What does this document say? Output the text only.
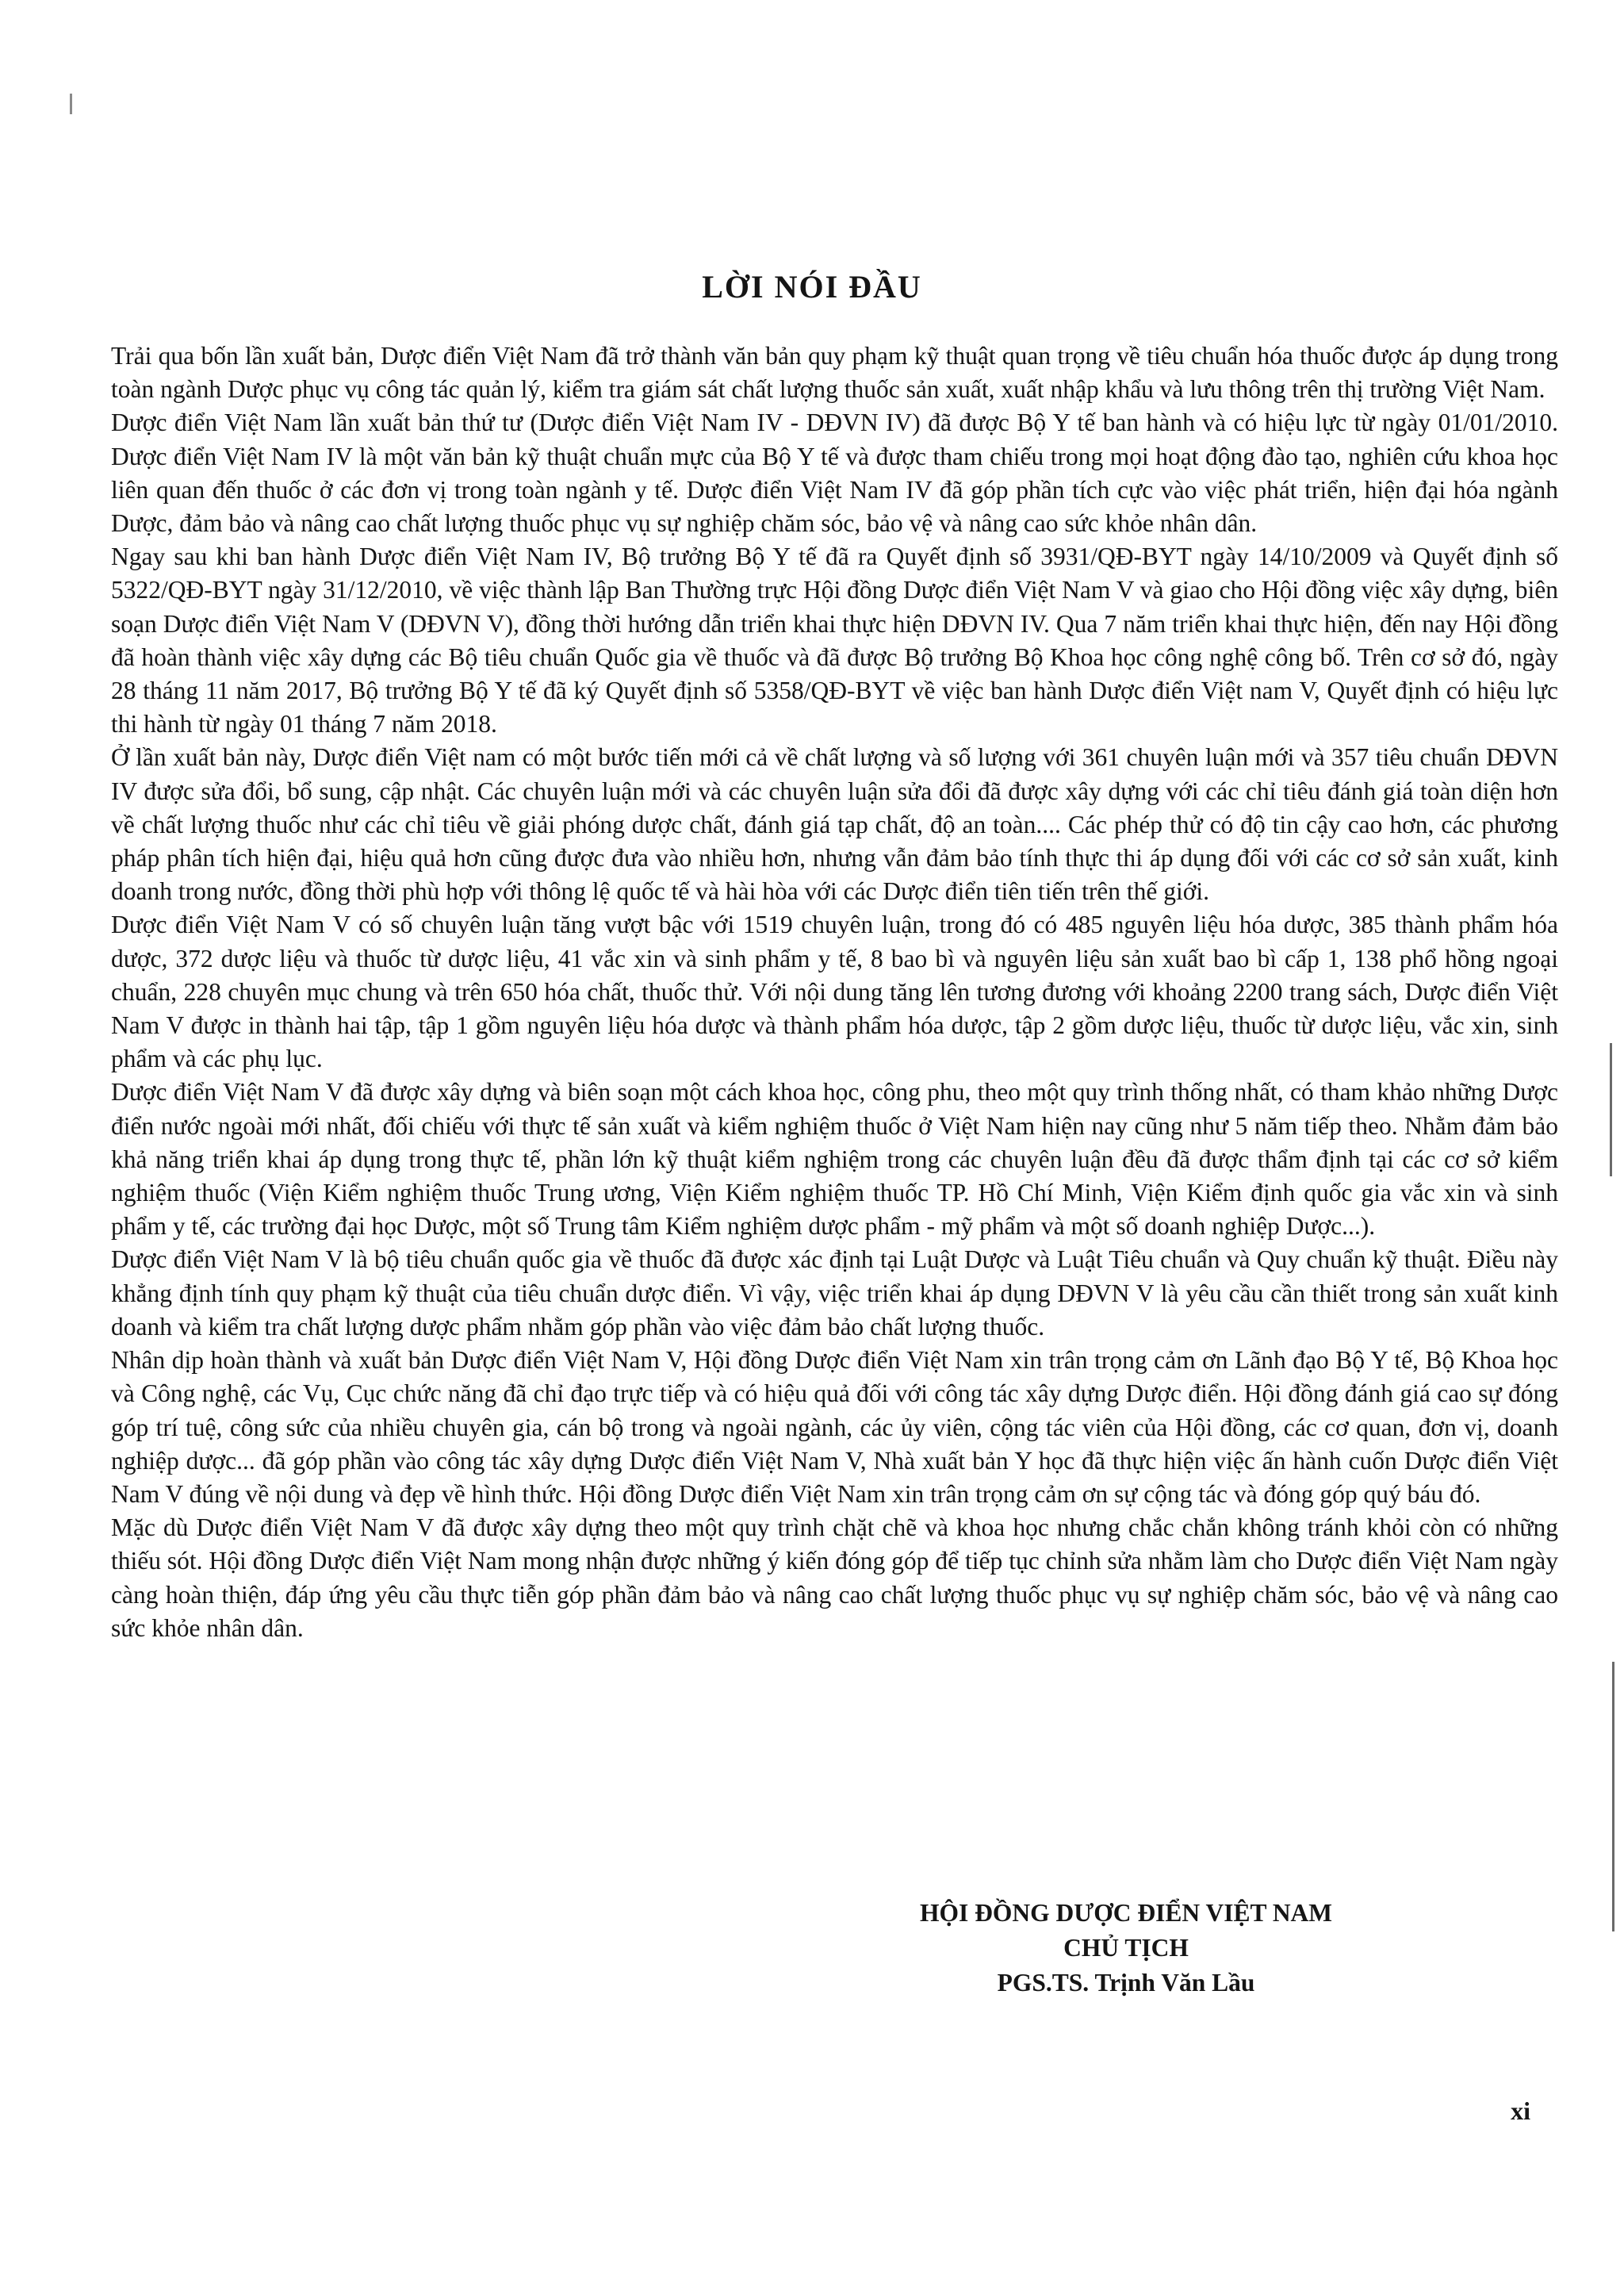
LỜI NÓI ĐẦU

Trải qua bốn lần xuất bản, Dược điển Việt Nam đã trở thành văn bản quy phạm kỹ thuật quan trọng về tiêu chuẩn hóa thuốc được áp dụng trong toàn ngành Dược phục vụ công tác quản lý, kiểm tra giám sát chất lượng thuốc sản xuất, xuất nhập khẩu và lưu thông trên thị trường Việt Nam.

Dược điển Việt Nam lần xuất bản thứ tư (Dược điển Việt Nam IV - DĐVN IV) đã được Bộ Y tế ban hành và có hiệu lực từ ngày 01/01/2010. Dược điển Việt Nam IV là một văn bản kỹ thuật chuẩn mực của Bộ Y tế và được tham chiếu trong mọi hoạt động đào tạo, nghiên cứu khoa học liên quan đến thuốc ở các đơn vị trong toàn ngành y tế. Dược điển Việt Nam IV đã góp phần tích cực vào việc phát triển, hiện đại hóa ngành Dược, đảm bảo và nâng cao chất lượng thuốc phục vụ sự nghiệp chăm sóc, bảo vệ và nâng cao sức khỏe nhân dân.

Ngay sau khi ban hành Dược điển Việt Nam IV, Bộ trưởng Bộ Y tế đã ra Quyết định số 3931/QĐ-BYT ngày 14/10/2009 và Quyết định số 5322/QĐ-BYT ngày 31/12/2010, về việc thành lập Ban Thường trực Hội đồng Dược điển Việt Nam V và giao cho Hội đồng việc xây dựng, biên soạn Dược điển Việt Nam V (DĐVN V), đồng thời hướng dẫn triển khai thực hiện DĐVN IV. Qua 7 năm triển khai thực hiện, đến nay Hội đồng đã hoàn thành việc xây dựng các Bộ tiêu chuẩn Quốc gia về thuốc và đã được Bộ trưởng Bộ Khoa học công nghệ công bố. Trên cơ sở đó, ngày 28 tháng 11 năm 2017, Bộ trưởng Bộ Y tế đã ký Quyết định số 5358/QĐ-BYT về việc ban hành Dược điển Việt nam V, Quyết định có hiệu lực thi hành từ ngày 01 tháng 7 năm 2018.

Ở lần xuất bản này, Dược điển Việt nam có một bước tiến mới cả về chất lượng và số lượng với 361 chuyên luận mới và 357 tiêu chuẩn DĐVN IV được sửa đổi, bổ sung, cập nhật. Các chuyên luận mới và các chuyên luận sửa đổi đã được xây dựng với các chỉ tiêu đánh giá toàn diện hơn về chất lượng thuốc như các chỉ tiêu về giải phóng dược chất, đánh giá tạp chất, độ an toàn.... Các phép thử có độ tin cậy cao hơn, các phương pháp phân tích hiện đại, hiệu quả hơn cũng được đưa vào nhiều hơn, nhưng vẫn đảm bảo tính thực thi áp dụng đối với các cơ sở sản xuất, kinh doanh trong nước, đồng thời phù hợp với thông lệ quốc tế và hài hòa với các Dược điển tiên tiến trên thế giới.

Dược điển Việt Nam V có số chuyên luận tăng vượt bậc với 1519 chuyên luận, trong đó có 485 nguyên liệu hóa dược, 385 thành phẩm hóa dược, 372 dược liệu và thuốc từ dược liệu, 41 vắc xin và sinh phẩm y tế, 8 bao bì và nguyên liệu sản xuất bao bì cấp 1, 138 phổ hồng ngoại chuẩn, 228 chuyên mục chung và trên 650 hóa chất, thuốc thử. Với nội dung tăng lên tương đương với khoảng 2200 trang sách, Dược điển Việt Nam V được in thành hai tập, tập 1 gồm nguyên liệu hóa dược và thành phẩm hóa dược, tập 2 gồm dược liệu, thuốc từ dược liệu, vắc xin, sinh phẩm và các phụ lục.

Dược điển Việt Nam V đã được xây dựng và biên soạn một cách khoa học, công phu, theo một quy trình thống nhất, có tham khảo những Dược điển nước ngoài mới nhất, đối chiếu với thực tế sản xuất và kiểm nghiệm thuốc ở Việt Nam hiện nay cũng như 5 năm tiếp theo. Nhằm đảm bảo khả năng triển khai áp dụng trong thực tế, phần lớn kỹ thuật kiểm nghiệm trong các chuyên luận đều đã được thẩm định tại các cơ sở kiểm nghiệm thuốc (Viện Kiểm nghiệm thuốc Trung ương, Viện Kiểm nghiệm thuốc TP. Hồ Chí Minh, Viện Kiểm định quốc gia vắc xin và sinh phẩm y tế, các trường đại học Dược, một số Trung tâm Kiểm nghiệm dược phẩm - mỹ phẩm và một số doanh nghiệp Dược...).

Dược điển Việt Nam V là bộ tiêu chuẩn quốc gia về thuốc đã được xác định tại Luật Dược và Luật Tiêu chuẩn và Quy chuẩn kỹ thuật. Điều này khẳng định tính quy phạm kỹ thuật của tiêu chuẩn dược điển. Vì vậy, việc triển khai áp dụng DĐVN V là yêu cầu cần thiết trong sản xuất kinh doanh và kiểm tra chất lượng dược phẩm nhằm góp phần vào việc đảm bảo chất lượng thuốc.

Nhân dịp hoàn thành và xuất bản Dược điển Việt Nam V, Hội đồng Dược điển Việt Nam xin trân trọng cảm ơn Lãnh đạo Bộ Y tế, Bộ Khoa học và Công nghệ, các Vụ, Cục chức năng đã chỉ đạo trực tiếp và có hiệu quả đối với công tác xây dựng Dược điển. Hội đồng đánh giá cao sự đóng góp trí tuệ, công sức của nhiều chuyên gia, cán bộ trong và ngoài ngành, các ủy viên, cộng tác viên của Hội đồng, các cơ quan, đơn vị, doanh nghiệp dược... đã góp phần vào công tác xây dựng Dược điển Việt Nam V, Nhà xuất bản Y học đã thực hiện việc ấn hành cuốn Dược điển Việt Nam V đúng về nội dung và đẹp về hình thức. Hội đồng Dược điển Việt Nam xin trân trọng cảm ơn sự cộng tác và đóng góp quý báu đó.

Mặc dù Dược điển Việt Nam V đã được xây dựng theo một quy trình chặt chẽ và khoa học nhưng chắc chắn không tránh khỏi còn có những thiếu sót. Hội đồng Dược điển Việt Nam mong nhận được những ý kiến đóng góp để tiếp tục chỉnh sửa nhằm làm cho Dược điển Việt Nam ngày càng hoàn thiện, đáp ứng yêu cầu thực tiễn góp phần đảm bảo và nâng cao chất lượng thuốc phục vụ sự nghiệp chăm sóc, bảo vệ và nâng cao sức khỏe nhân dân.

HỘI ĐỒNG DƯỢC ĐIỂN VIỆT NAM
CHỦ TỊCH
PGS.TS. Trịnh Văn Lầu
xi
